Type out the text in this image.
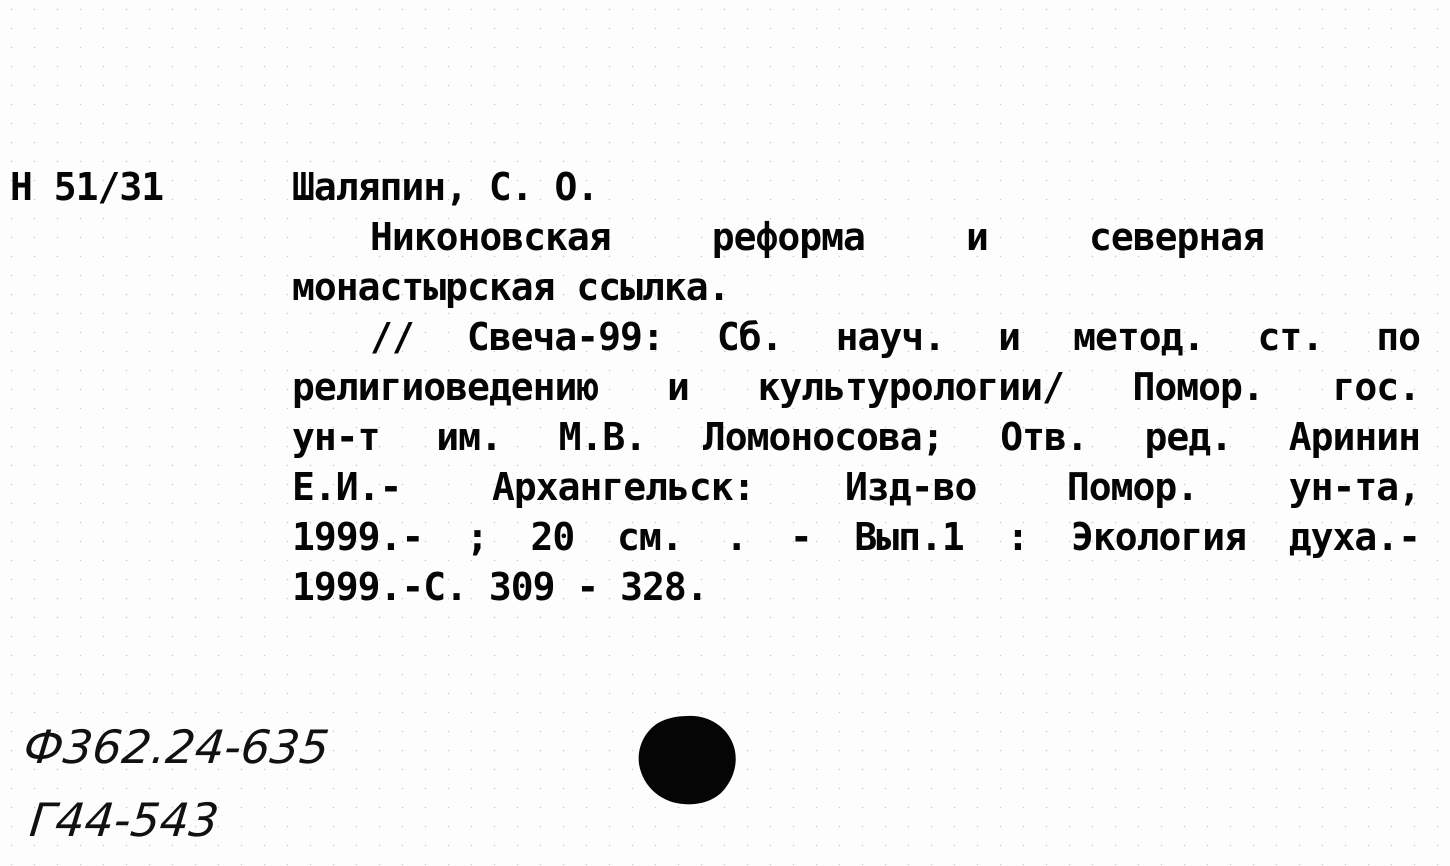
Н 51/31	Шаляпин, С. О.
Никоновская реформа и северная
монастырская ссылка.
// Свеча-99: Сб. науч. и метод. ст. по
религиоведению и культурологии/ Помор. гос.
ун-т им. М.В. Ломоносова; Отв. ред. Аринин
Е.И.- Архангельск: Изд-во Помор. ун-та,
1999.- ; 20 см. . - Вып.1 : Экология духа.-
1999.-С. 309 - 328.
Ф362.24-635
Г44-543
